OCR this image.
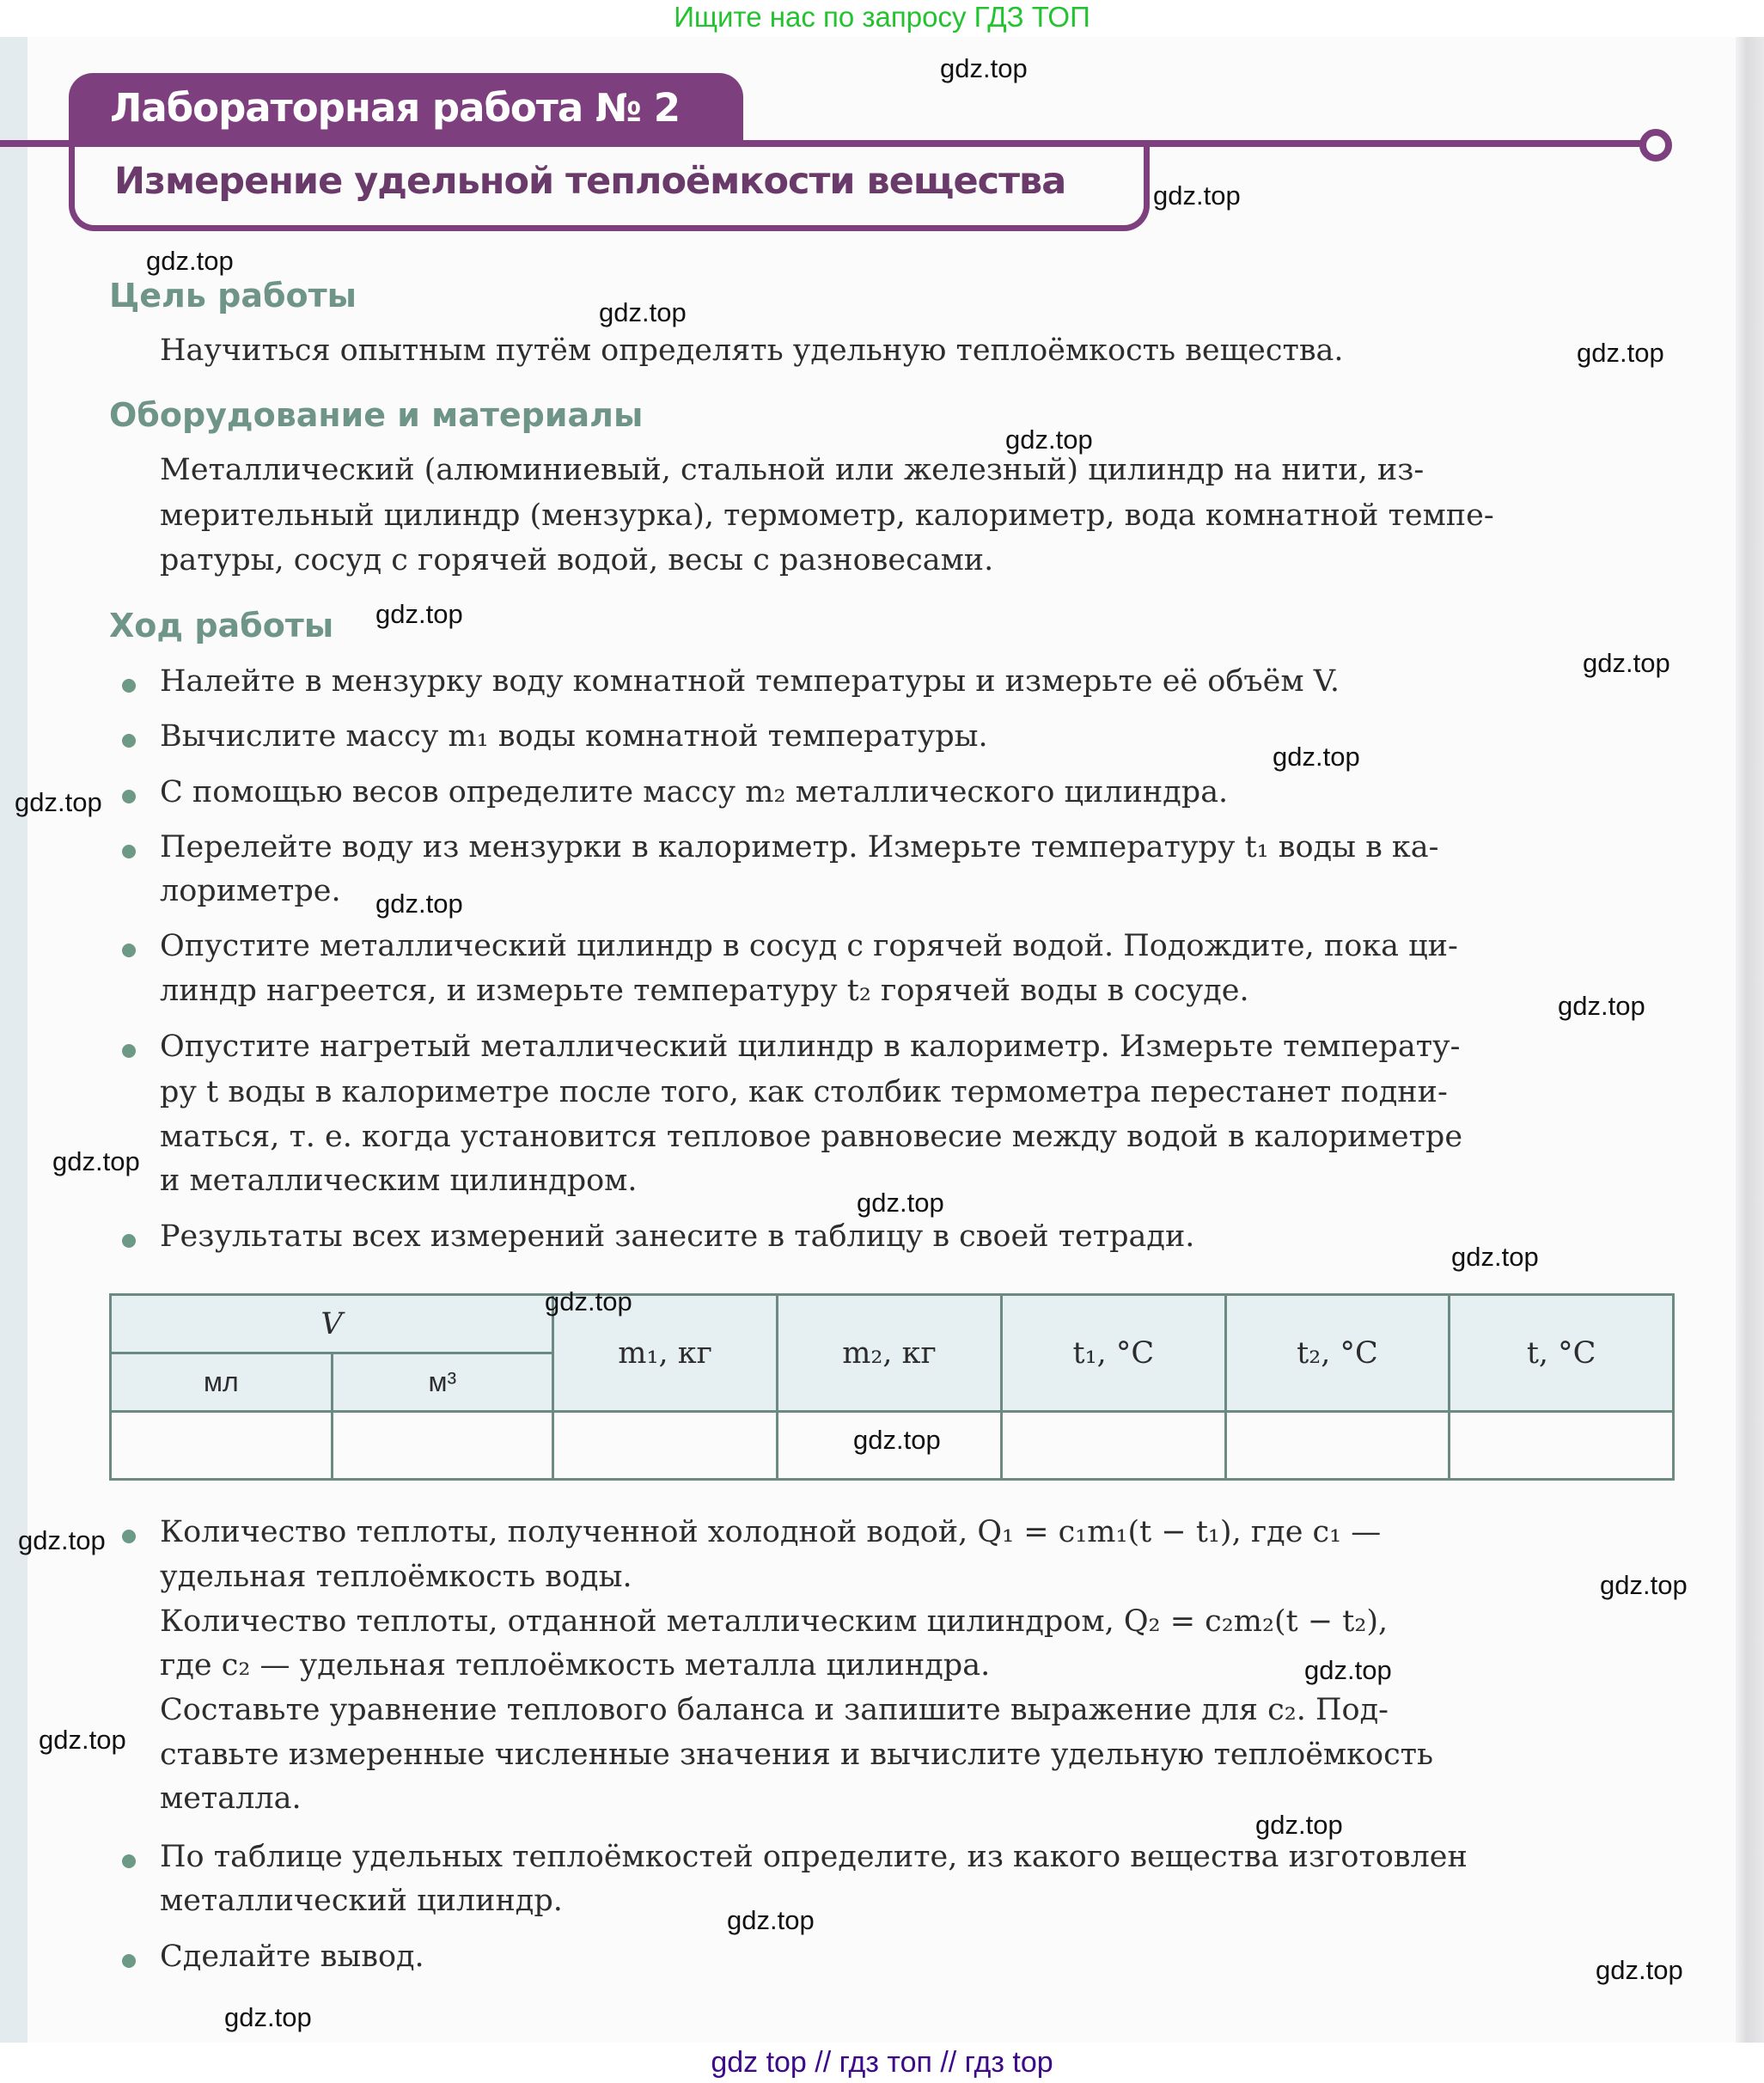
Ищите нас по запросу ГДЗ ТОП
Лабораторная работа № 2
Измерение удельной теплоёмкости вещества
Цель работы
Научиться опытным путём определять удельную теплоёмкость вещества.
Оборудование и материалы
Металлический (алюминиевый, стальной или железный) цилиндр на нити, из-
мерительный цилиндр (мензурка), термометр, калориметр, вода комнатной темпе-
ратуры, сосуд с горячей водой, весы с разновесами.
Ход работы
Налейте в мензурку воду комнатной температуры и измерьте её объём V.
Вычислите массу m₁ воды комнатной температуры.
С помощью весов определите массу m₂ металлического цилиндра.
Перелейте воду из мензурки в калориметр. Измерьте температуру t₁ воды в ка-
лориметре.
Опустите металлический цилиндр в сосуд с горячей водой. Подождите, пока ци-
линдр нагреется, и измерьте температуру t₂ горячей воды в сосуде.
Опустите нагретый металлический цилиндр в калориметр. Измерьте температу-
ру t воды в калориметре после того, как столбик термометра перестанет подни-
маться, т. е. когда установится тепловое равновесие между водой в калориметре
и металлическим цилиндром.
Результаты всех измерений занесите в таблицу в своей тетради.
V		m₁, кг	m₂, кг	t₁, °C	t₂, °C	t, °C
мл	м³					

Количество теплоты, полученной холодной водой, Q₁ = c₁m₁(t − t₁), где c₁ —
удельная теплоёмкость воды.
Количество теплоты, отданной металлическим цилиндром, Q₂ = c₂m₂(t − t₂),
где c₂ — удельная теплоёмкость металла цилиндра.
Составьте уравнение теплового баланса и запишите выражение для c₂. Под-
ставьте измеренные численные значения и вычислите удельную теплоёмкость
металла.
По таблице удельных теплоёмкостей определите, из какого вещества изготовлен
металлический цилиндр.
Сделайте вывод.
gdz.top
gdz.top
gdz.top
gdz.top
gdz.top
gdz.top
gdz.top
gdz.top
gdz.top
gdz.top
gdz.top
gdz.top
gdz.top
gdz.top
gdz.top
gdz.top
gdz.top
gdz.top
gdz.top
gdz.top
gdz.top
gdz.top
gdz.top
gdz.top
gdz.top
gdz top // гдз топ // гдз top
